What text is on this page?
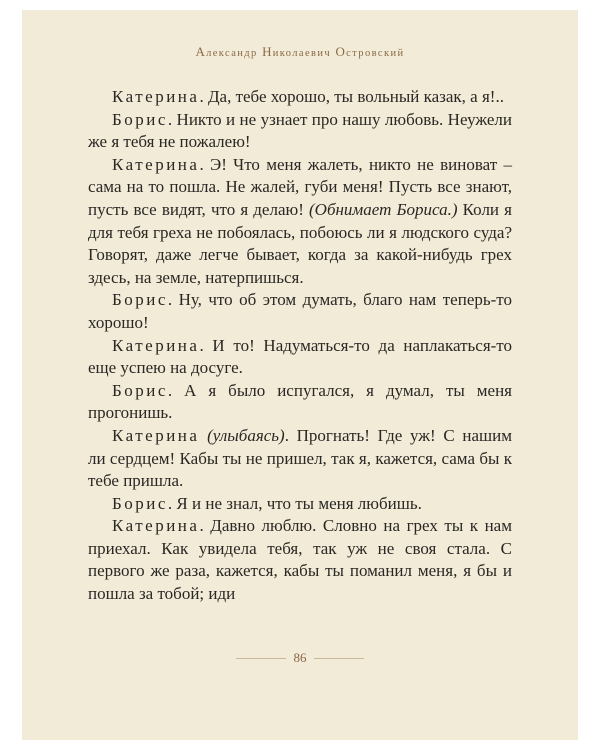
Александр Николаевич Островский

Катерина. Да, тебе хорошо, ты вольный казак, а я!..

Борис. Никто и не узнает про нашу любовь. Неужели же я тебя не пожалею!

Катерина. Э! Что меня жалеть, никто не виноват – сама на то пошла. Не жалей, губи меня! Пусть все знают, пусть все видят, что я делаю! (Обнимает Бориса.) Коли я для тебя греха не побоялась, побоюсь ли я людского суда? Говорят, даже легче бывает, когда за какой-нибудь грех здесь, на земле, натерпишься.

Борис. Ну, что об этом думать, благо нам теперь-то хорошо!

Катерина. И то! Надуматься-то да наплакаться-то еще успею на досуге.

Борис. А я было испугался, я думал, ты меня прогонишь.

Катерина (улыбаясь). Прогнать! Где уж! С нашим ли сердцем! Кабы ты не пришел, так я, кажется, сама бы к тебе пришла.

Борис. Я и не знал, что ты меня любишь.

Катерина. Давно люблю. Словно на грех ты к нам приехал. Как увидела тебя, так уж не своя стала. С первого же раза, кажется, кабы ты поманил меня, я бы и пошла за тобой; иди

86
